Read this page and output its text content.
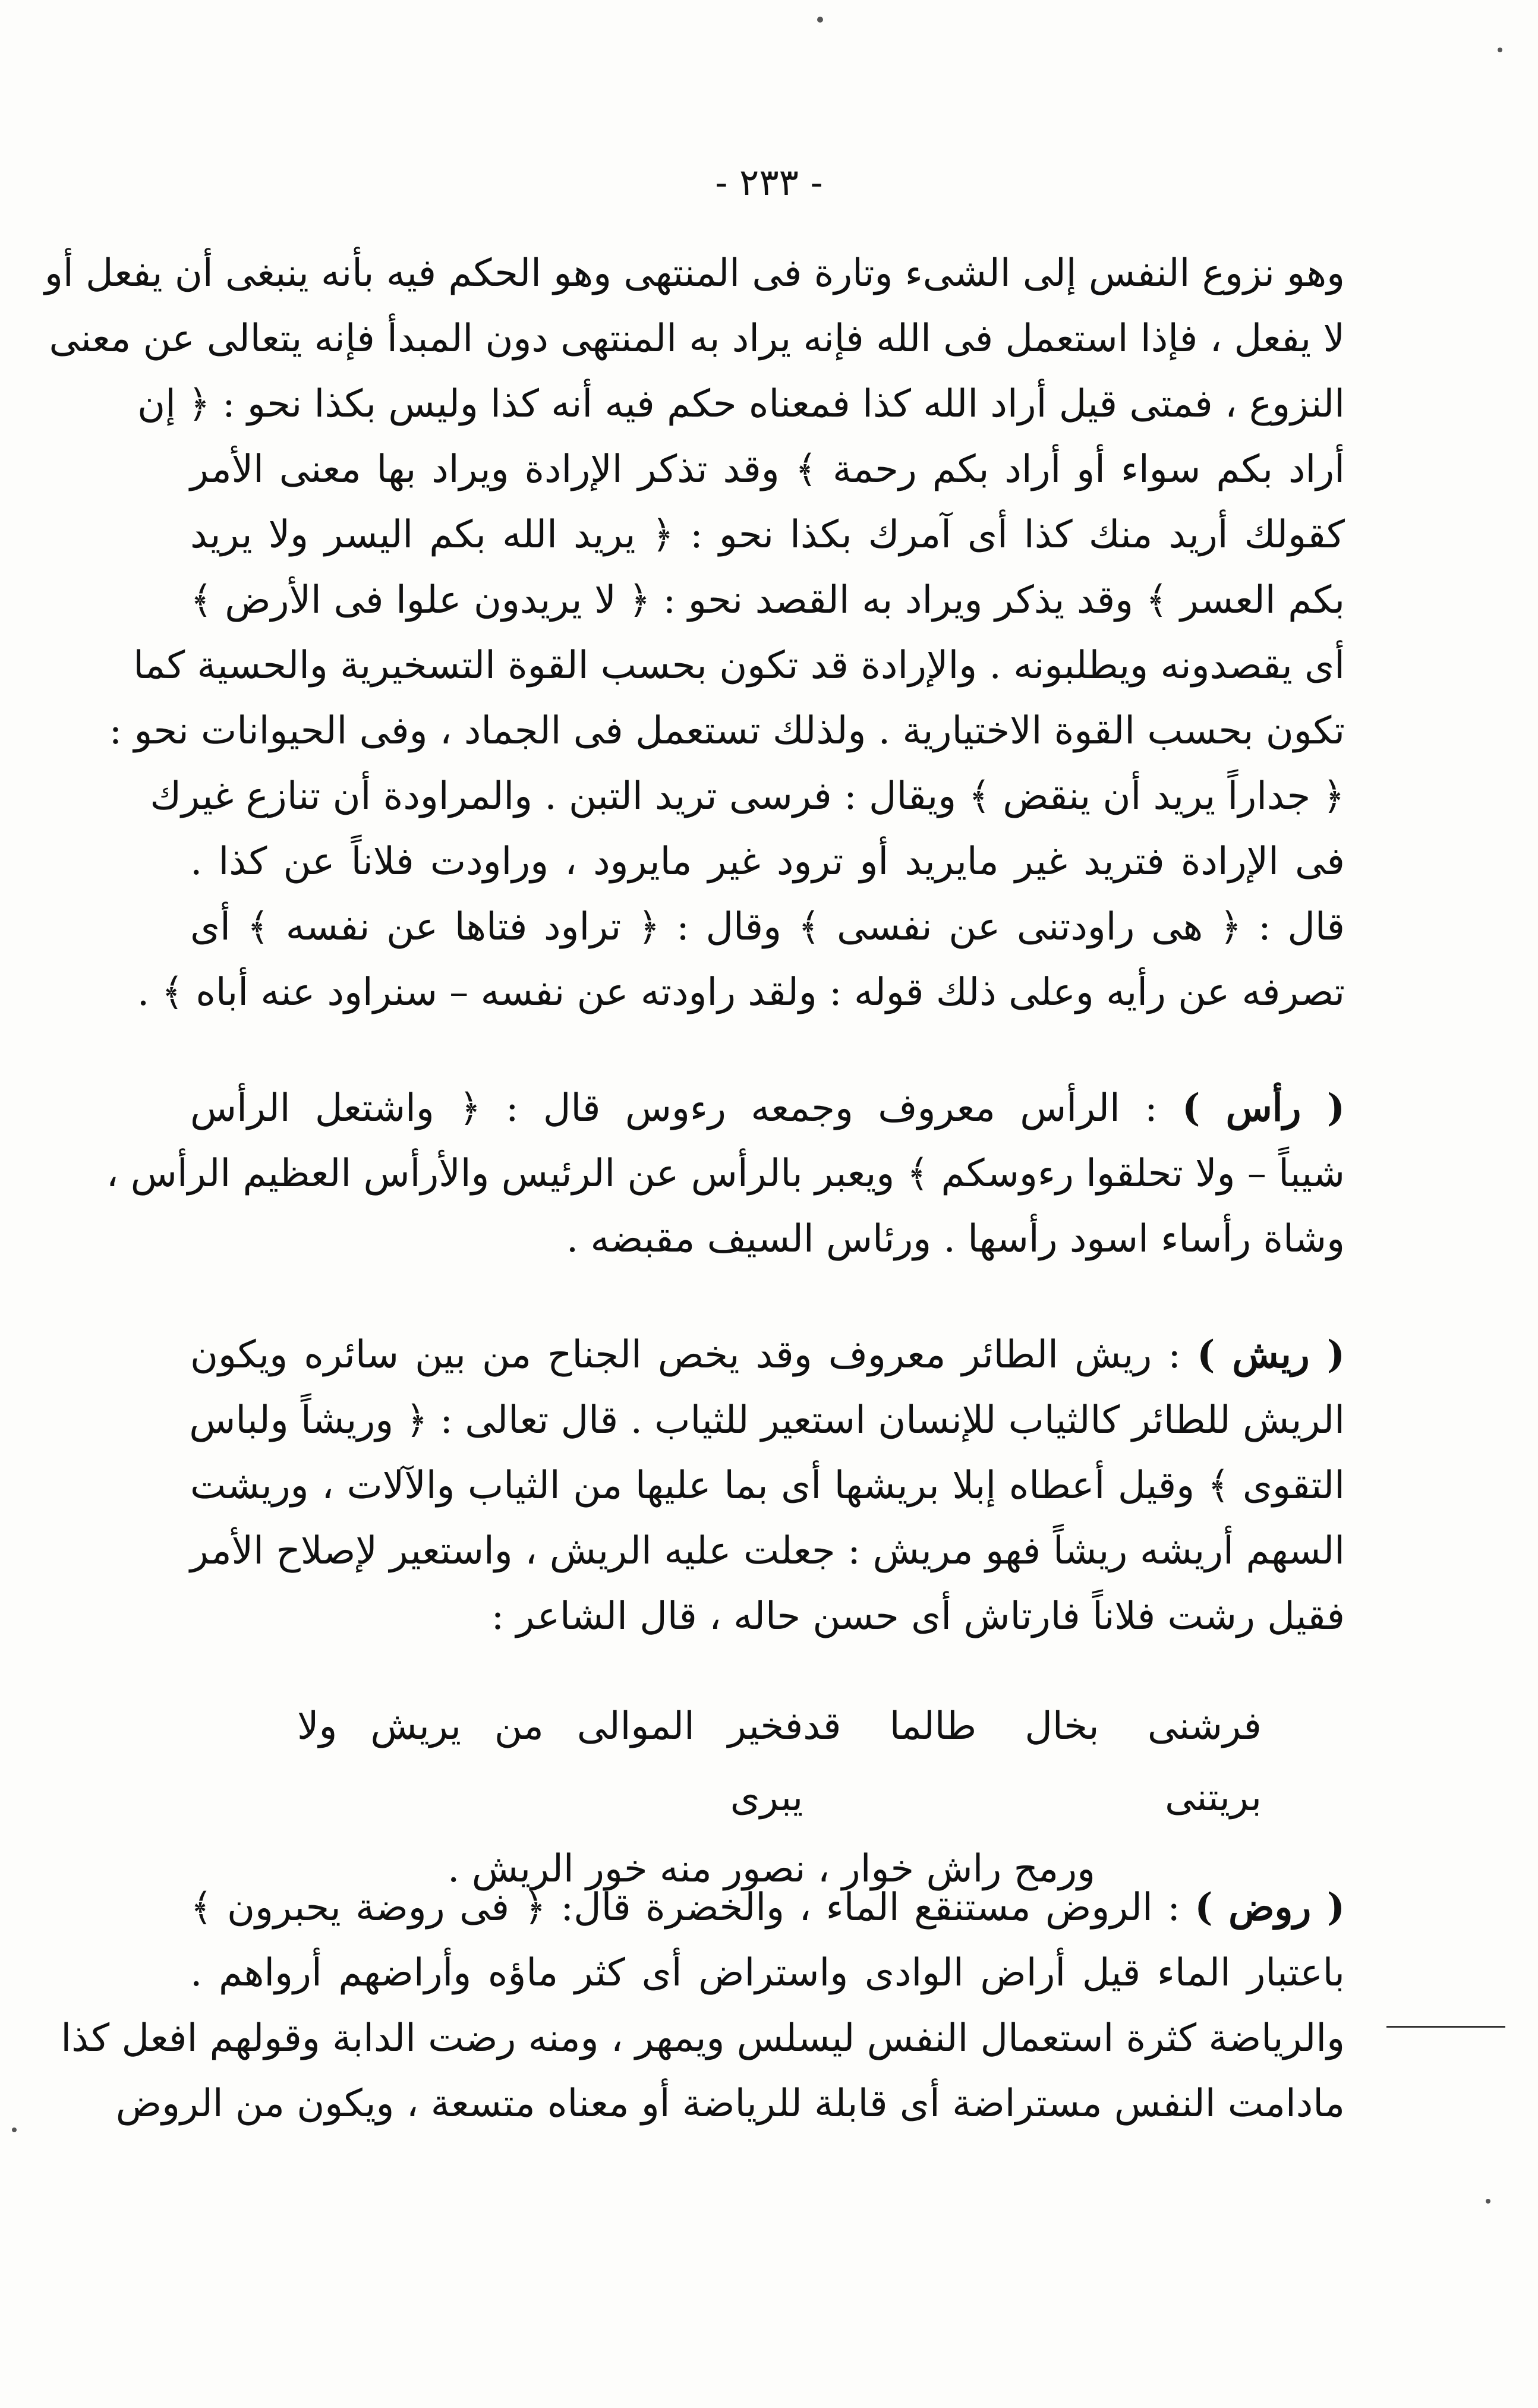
- ٢٣٣ -
وهو نزوع النفس إلى الشىء وتارة فى المنتهى وهو الحكم فيه بأنه ينبغى أن يفعل أو
لا يفعل ، فإذا استعمل فى الله فإنه يراد به المنتهى دون المبدأ فإنه يتعالى عن معنى
النزوع ، فمتى قيل أراد الله كذا فمعناه حكم فيه أنه كذا وليس بكذا نحو : ﴿ إن
أراد بكم سواء أو أراد بكم رحمة ﴾ وقد تذكر الإرادة ويراد بها معنى الأمر
كقولك أريد منك كذا أى آمرك بكذا نحو : ﴿ يريد الله بكم اليسر ولا يريد
بكم العسر ﴾ وقد يذكر ويراد به القصد نحو : ﴿ لا يريدون علوا فى الأرض ﴾
أى يقصدونه ويطلبونه . والإرادة قد تكون بحسب القوة التسخيرية والحسية كما
تكون بحسب القوة الاختيارية . ولذلك تستعمل فى الجماد ، وفى الحيوانات نحو :
﴿ جداراً يريد أن ينقض ﴾ ويقال : فرسى تريد التبن . والمراودة أن تنازع غيرك
فى الإرادة فتريد غير مايريد أو ترود غير مايرود ، وراودت فلاناً عن كذا .
قال : ﴿ هى راودتنى عن نفسى ﴾ وقال : ﴿ تراود فتاها عن نفسه ﴾ أى
تصرفه عن رأيه وعلى ذلك قوله : ولقد راودته عن نفسه – سنراود عنه أباه ﴾ .
( رأس ) : الرأس معروف وجمعه رءوس قال : ﴿ واشتعل الرأس
شيباً – ولا تحلقوا رءوسكم ﴾ ويعبر بالرأس عن الرئيس والأرأس العظيم الرأس ،
وشاة رأساء اسود رأسها . ورئاس السيف مقبضه .
( ريش ) : ريش الطائر معروف وقد يخص الجناح من بين سائره ويكون
الريش للطائر كالثياب للإنسان استعير للثياب . قال تعالى : ﴿ وريشاً ولباس
التقوى ﴾ وقيل أعطاه إبلا بريشها أى بما عليها من الثياب والآلات ، وريشت
السهم أريشه ريشاً فهو مريش : جعلت عليه الريش ، واستعير لإصلاح الأمر
فقيل رشت فلاناً فارتاش أى حسن حاله ، قال الشاعر :
فرشنى بخال طالما قد بريتنى
فخير الموالى من يريش ولا يبرى
ورمح راش خوار ، نصور منه خور الريش .
( روض ) : الروض مستنقع الماء ، والخضرة قال: ﴿ فى روضة يحبرون ﴾
باعتبار الماء قيل أراض الوادى واستراض أى كثر ماؤه وأراضهم أرواهم .
والرياضة كثرة استعمال النفس ليسلس ويمهر ، ومنه رضت الدابة وقولهم افعل كذا
مادامت النفس مستراضة أى قابلة للرياضة أو معناه متسعة ، ويكون من الروض
